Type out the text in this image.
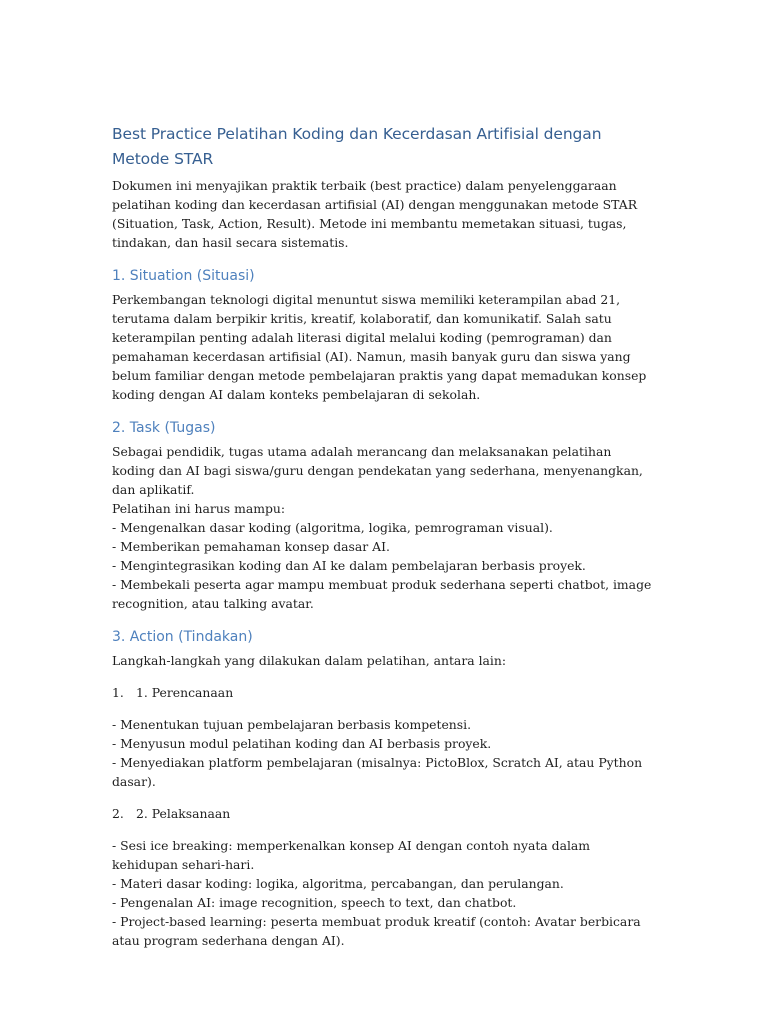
Best Practice Pelatihan Koding dan Kecerdasan Artifisial dengan Metode STAR

Dokumen ini menyajikan praktik terbaik (best practice) dalam penyelenggaraan pelatihan koding dan kecerdasan artifisial (AI) dengan menggunakan metode STAR (Situation, Task, Action, Result). Metode ini membantu memetakan situasi, tugas, tindakan, dan hasil secara sistematis.

1. Situation (Situasi)

Perkembangan teknologi digital menuntut siswa memiliki keterampilan abad 21, terutama dalam berpikir kritis, kreatif, kolaboratif, dan komunikatif. Salah satu keterampilan penting adalah literasi digital melalui koding (pemrograman) dan pemahaman kecerdasan artifisial (AI). Namun, masih banyak guru dan siswa yang belum familiar dengan metode pembelajaran praktis yang dapat memadukan konsep koding dengan AI dalam konteks pembelajaran di sekolah.

2. Task (Tugas)

Sebagai pendidik, tugas utama adalah merancang dan melaksanakan pelatihan koding dan AI bagi siswa/guru dengan pendekatan yang sederhana, menyenangkan, dan aplikatif.
Pelatihan ini harus mampu:
- Mengenalkan dasar koding (algoritma, logika, pemrograman visual).
- Memberikan pemahaman konsep dasar AI.
- Mengintegrasikan koding dan AI ke dalam pembelajaran berbasis proyek.
- Membekali peserta agar mampu membuat produk sederhana seperti chatbot, image recognition, atau talking avatar.

3. Action (Tindakan)

Langkah-langkah yang dilakukan dalam pelatihan, antara lain:

1. 1. Perencanaan

- Menentukan tujuan pembelajaran berbasis kompetensi.
- Menyusun modul pelatihan koding dan AI berbasis proyek.
- Menyediakan platform pembelajaran (misalnya: PictoBlox, Scratch AI, atau Python dasar).

2. 2. Pelaksanaan

- Sesi ice breaking: memperkenalkan konsep AI dengan contoh nyata dalam kehidupan sehari-hari.
- Materi dasar koding: logika, algoritma, percabangan, dan perulangan.
- Pengenalan AI: image recognition, speech to text, dan chatbot.
- Project-based learning: peserta membuat produk kreatif (contoh: Avatar berbicara atau program sederhana dengan AI).
